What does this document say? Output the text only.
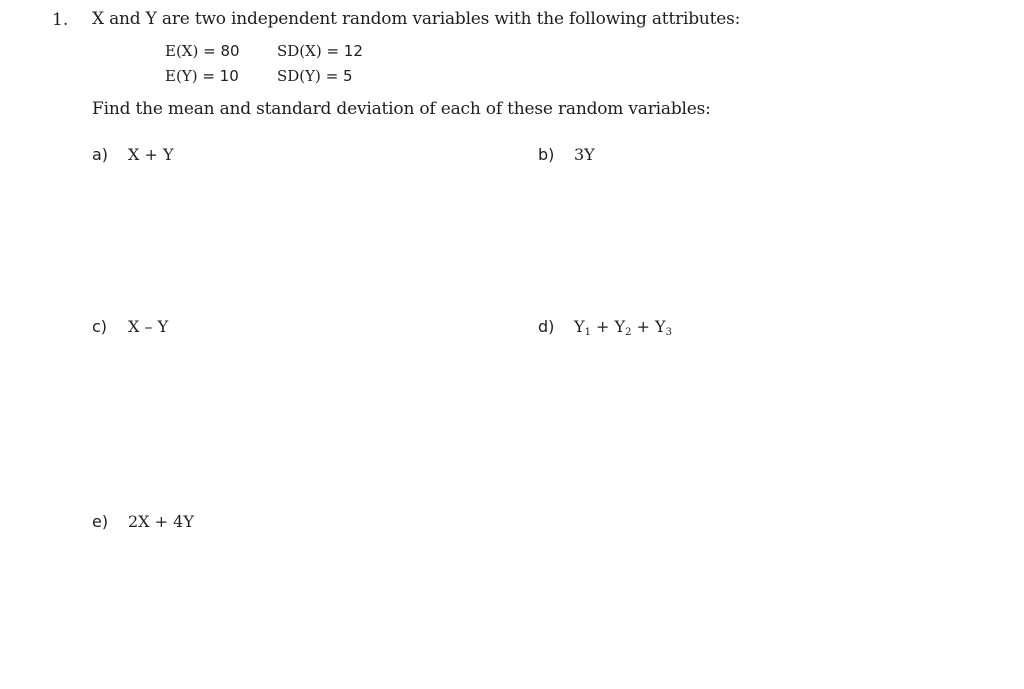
1. X and Y are two independent random variables with the following attributes:
E(X) = 80 SD(X) = 12
E(Y) = 10	SD(Y) = 5
Find the mean and standard deviation of each of these random variables:
a) X + Y	b) 3Y
c) X – Y	d) $Y_1 + Y_2 + Y_3$
e) 2X + 4Y
